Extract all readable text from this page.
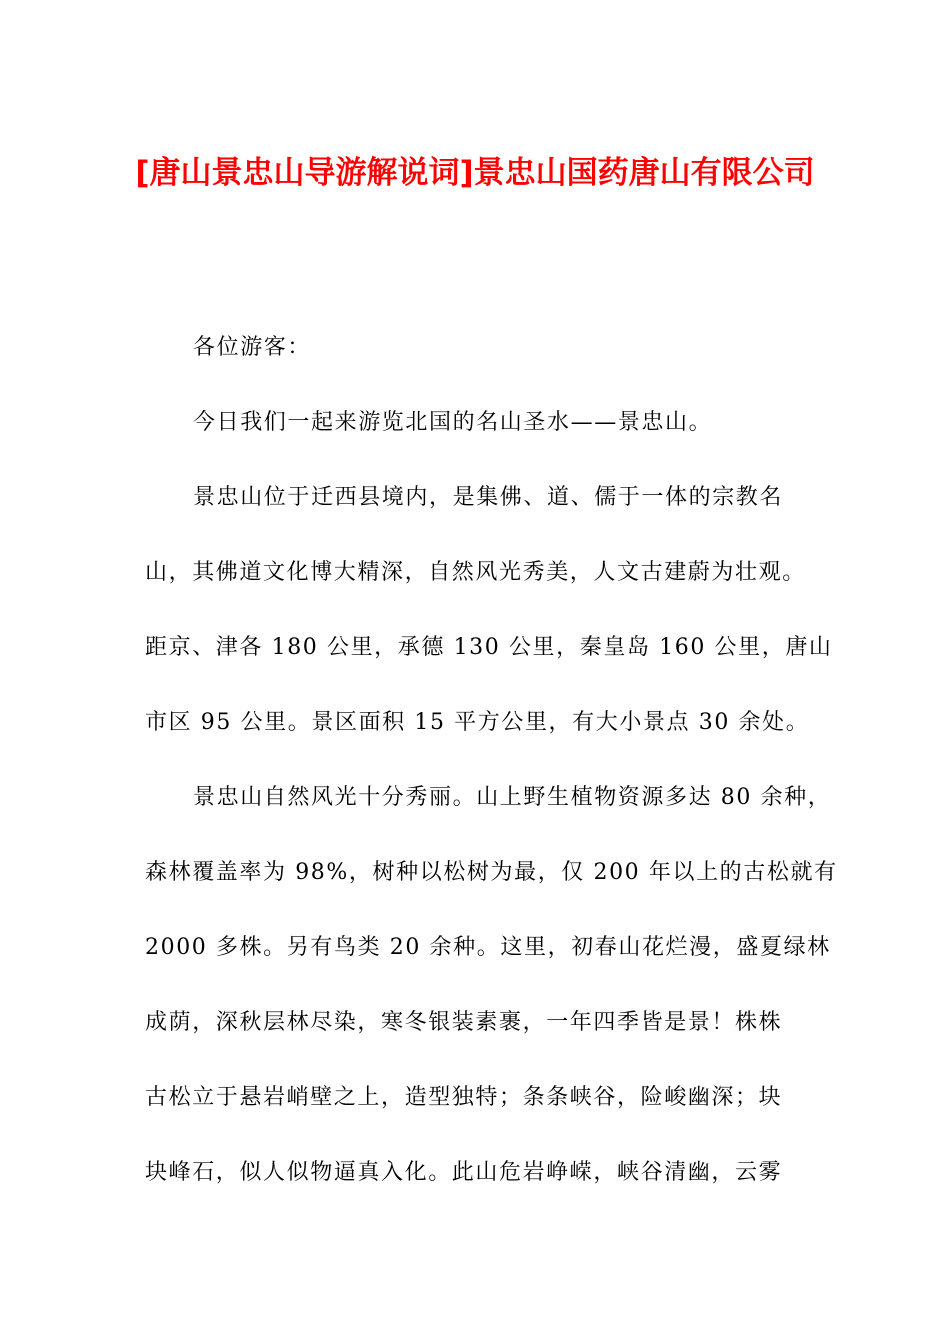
[唐山景忠山导游解说词]景忠山国药唐山有限公司

各位游客：

今日我们一起来游览北国的名山圣水——景忠山。

景忠山位于迁西县境内，是集佛、道、儒于一体的宗教名

山，其佛道文化博大精深，自然风光秀美，人文古建蔚为壮观。

距京、津各 180 公里，承德 130 公里，秦皇岛 160 公里，唐山

市区 95 公里。景区面积 15 平方公里，有大小景点 30 余处。

景忠山自然风光十分秀丽。山上野生植物资源多达 80 余种，

森林覆盖率为 98%，树种以松树为最，仅 200 年以上的古松就有

2000 多株。另有鸟类 20 余种。这里，初春山花烂漫，盛夏绿林

成荫，深秋层林尽染，寒冬银装素裹，一年四季皆是景！株株

古松立于悬岩峭壁之上，造型独特；条条峡谷，险峻幽深；块

块峰石，似人似物逼真入化。此山危岩峥嵘，峡谷清幽，云雾
